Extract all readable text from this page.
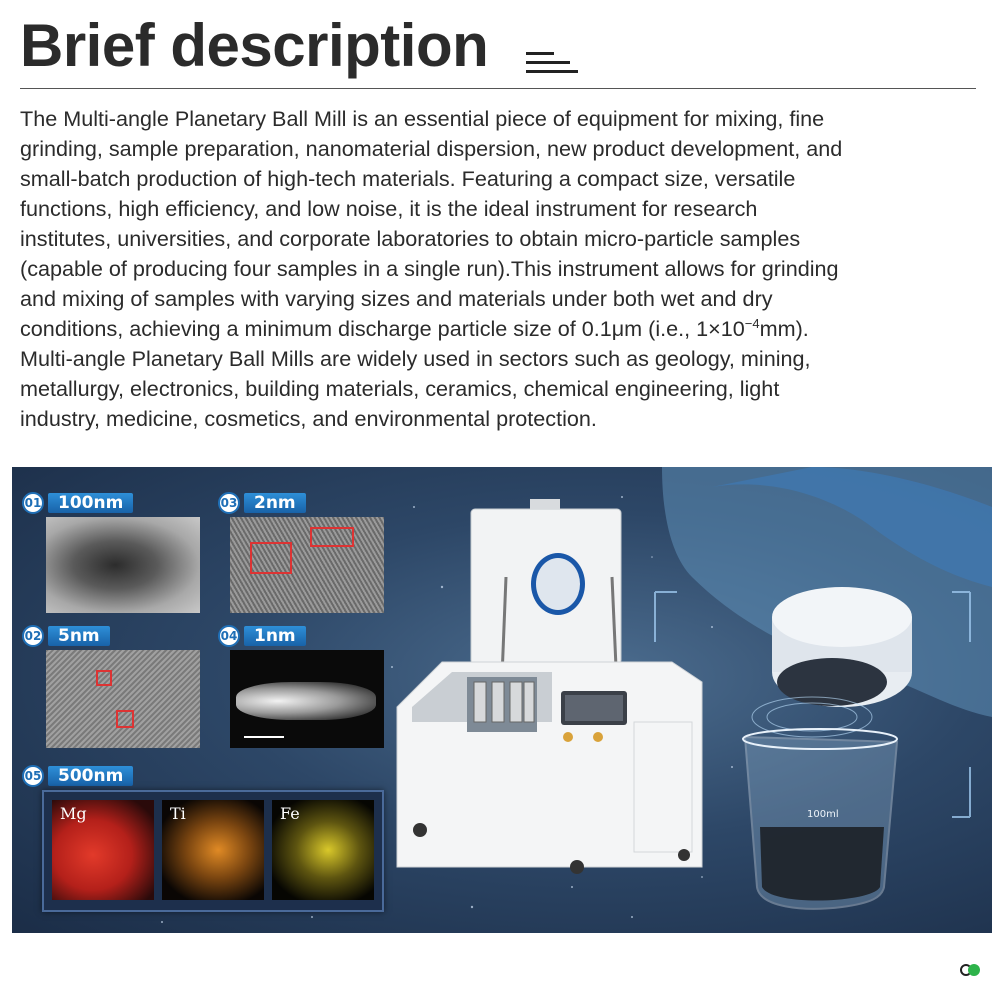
Brief description
The Multi-angle Planetary Ball Mill is an essential piece of equipment for mixing, fine
grinding, sample preparation, nanomaterial dispersion, new product development, and
small-batch production of high-tech materials. Featuring a compact size, versatile
functions, high efficiency, and low noise, it is the ideal instrument for research
institutes, universities, and corporate laboratories to obtain micro-particle samples
(capable of producing four samples in a single run).This instrument allows for grinding
and mixing of samples with varying sizes and materials under both wet and dry
conditions, achieving a minimum discharge particle size of 0.1μm (i.e., $1\times 10^{-4}mm$).
Multi-angle Planetary Ball Mills are widely used in sectors such as geology, mining,
metallurgy, electronics, building materials, ceramics, chemical engineering, light
industry, medicine, cosmetics, and environmental protection.
100ml
01 100nm	03 2nm
02 5nm	04 1nm
05 500nm
Mg	Ti	Fe
